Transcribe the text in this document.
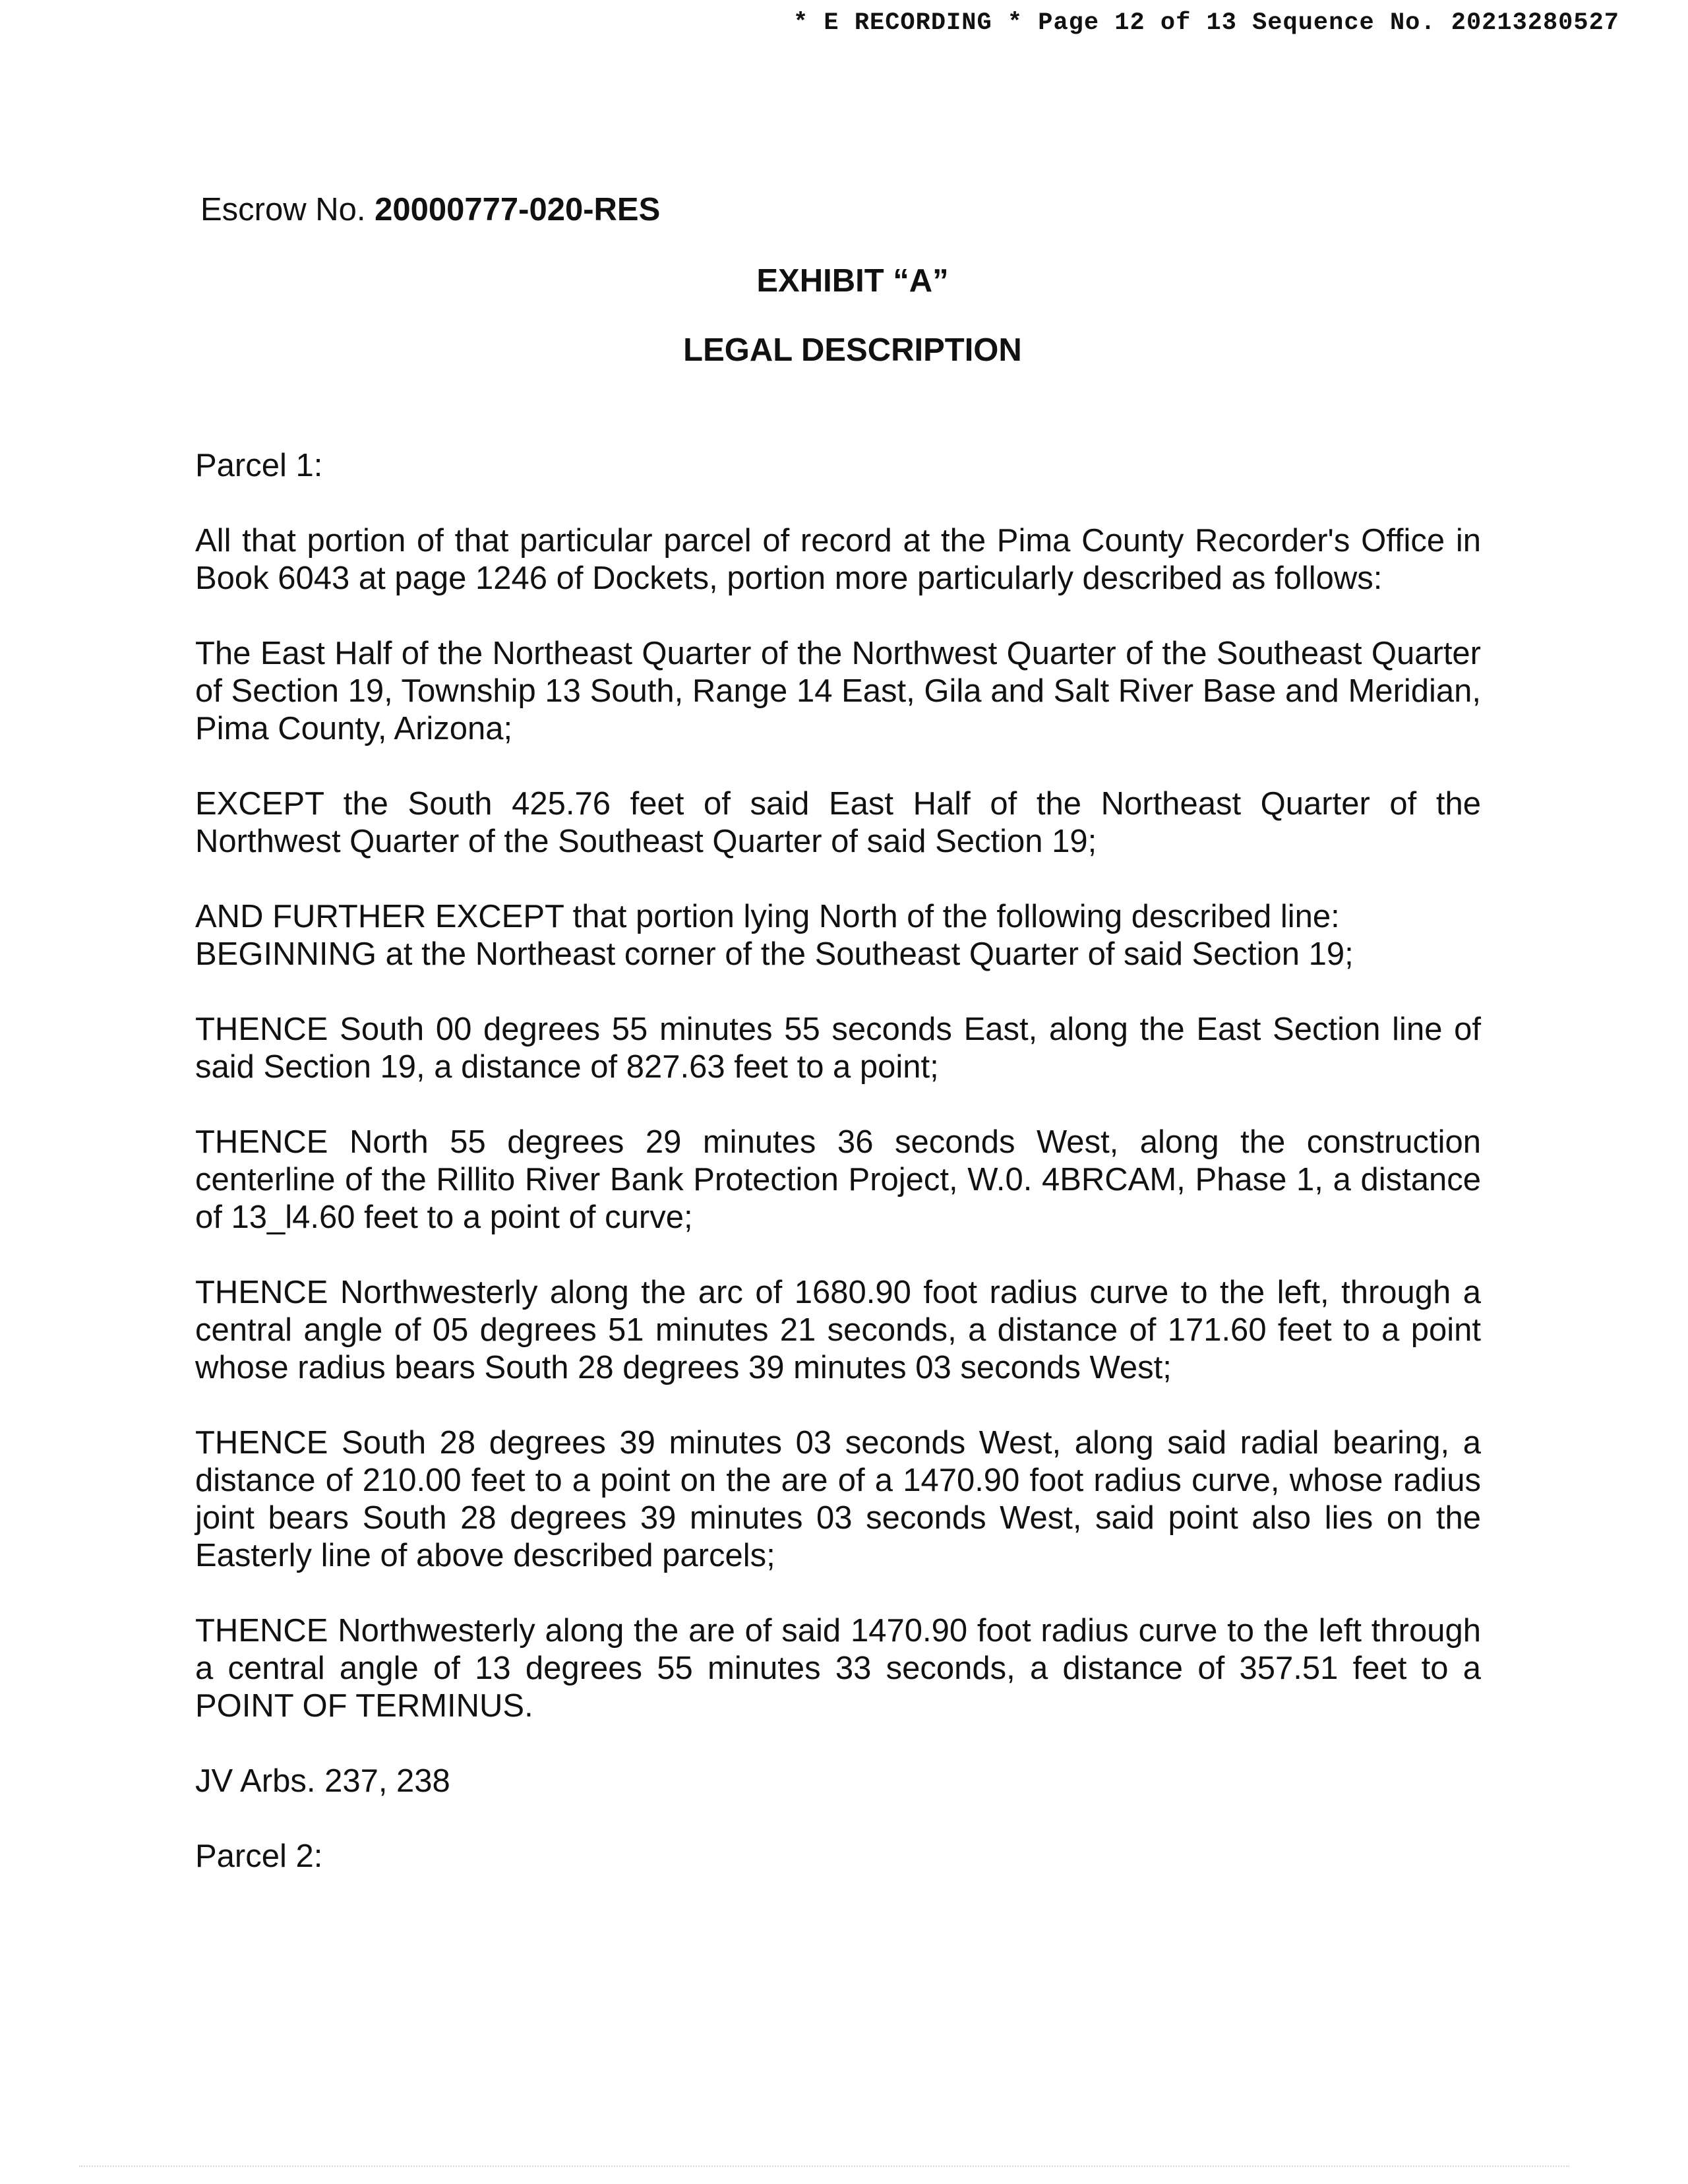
* E RECORDING * Page 12 of 13 Sequence No. 20213280527

Escrow No. 20000777-020-RES

EXHIBIT “A”

LEGAL DESCRIPTION

Parcel 1:

All that portion of that particular parcel of record at the Pima County Recorder's Office in Book 6043 at page 1246 of Dockets, portion more particularly described as follows:

The East Half of the Northeast Quarter of the Northwest Quarter of the Southeast Quarter of Section 19, Township 13 South, Range 14 East, Gila and Salt River Base and Meridian, Pima County, Arizona;

EXCEPT the South 425.76 feet of said East Half of the Northeast Quarter of the Northwest Quarter of the Southeast Quarter of said Section 19;

AND FURTHER EXCEPT that portion lying North of the following described line:

BEGINNING at the Northeast corner of the Southeast Quarter of said Section 19;

THENCE South 00 degrees 55 minutes 55 seconds East, along the East Section line of said Section 19, a distance of 827.63 feet to a point;

THENCE North 55 degrees 29 minutes 36 seconds West, along the construction centerline of the Rillito River Bank Protection Project, W.0. 4BRCAM, Phase 1, a distance of 13_l4.60 feet to a point of curve;

THENCE Northwesterly along the arc of 1680.90 foot radius curve to the left, through a central angle of 05 degrees 51 minutes 21 seconds, a distance of 171.60 feet to a point whose radius bears South 28 degrees 39 minutes 03 seconds West;

THENCE South 28 degrees 39 minutes 03 seconds West, along said radial bearing, a distance of 210.00 feet to a point on the are of a 1470.90 foot radius curve, whose radius joint bears South 28 degrees 39 minutes 03 seconds West, said point also lies on the Easterly line of above described parcels;

THENCE Northwesterly along the are of said 1470.90 foot radius curve to the left through a central angle of 13 degrees 55 minutes 33 seconds, a distance of 357.51 feet to a POINT OF TERMINUS.

JV Arbs. 237, 238

Parcel 2:
